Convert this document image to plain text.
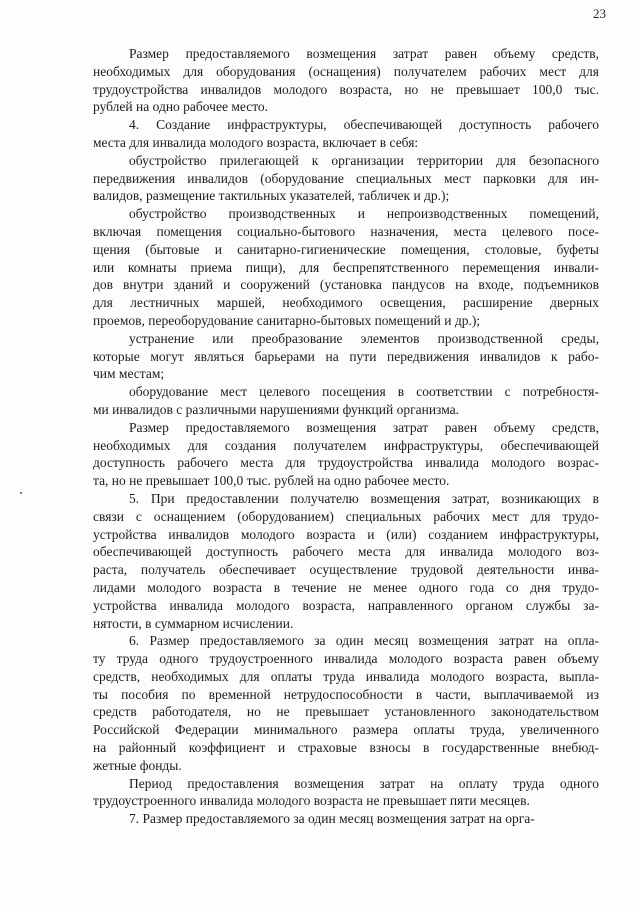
23
Размер предоставляемого возмещения затрат равен объему средств,
необходимых для оборудования (оснащения) получателем рабочих мест для
трудоустройства инвалидов молодого возраста, но не превышает 100,0 тыс.
рублей на одно рабочее место.
4. Создание инфраструктуры, обеспечивающей доступность рабочего
места для инвалида молодого возраста, включает в себя:
обустройство прилегающей к организации территории для безопасного
передвижения инвалидов (оборудование специальных мест парковки для ин-
валидов, размещение тактильных указателей, табличек и др.);
обустройство производственных и непроизводственных помещений,
включая помещения социально-бытового назначения, места целевого посе-
щения (бытовые и санитарно-гигиенические помещения, столовые, буфеты
или комнаты приема пищи), для беспрепятственного перемещения инвали-
дов внутри зданий и сооружений (установка пандусов на входе, подъемников
для лестничных маршей, необходимого освещения, расширение дверных
проемов, переоборудование санитарно-бытовых помещений и др.);
устранение или преобразование элементов производственной среды,
которые могут являться барьерами на пути передвижения инвалидов к рабо-
чим местам;
оборудование мест целевого посещения в соответствии с потребностя-
ми инвалидов с различными нарушениями функций организма.
Размер предоставляемого возмещения затрат равен объему средств,
необходимых для создания получателем инфраструктуры, обеспечивающей
доступность рабочего места для трудоустройства инвалида молодого возрас-
та, но не превышает 100,0 тыс. рублей на одно рабочее место.
5. При предоставлении получателю возмещения затрат, возникающих в
связи с оснащением (оборудованием) специальных рабочих мест для трудо-
устройства инвалидов молодого возраста и (или) созданием инфраструктуры,
обеспечивающей доступность рабочего места для инвалида молодого воз-
раста, получатель обеспечивает осуществление трудовой деятельности инва-
лидами молодого возраста в течение не менее одного года со дня трудо-
устройства инвалида молодого возраста, направленного органом службы за-
нятости, в суммарном исчислении.
6. Размер предоставляемого за один месяц возмещения затрат на опла-
ту труда одного трудоустроенного инвалида молодого возраста равен объему
средств, необходимых для оплаты труда инвалида молодого возраста, выпла-
ты пособия по временной нетрудоспособности в части, выплачиваемой из
средств работодателя, но не превышает установленного законодательством
Российской Федерации минимального размера оплаты труда, увеличенного
на районный коэффициент и страховые взносы в государственные внебюд-
жетные фонды.
Период предоставления возмещения затрат на оплату труда одного
трудоустроенного инвалида молодого возраста не превышает пяти месяцев.
7. Размер предоставляемого за один месяц возмещения затрат на орга-
